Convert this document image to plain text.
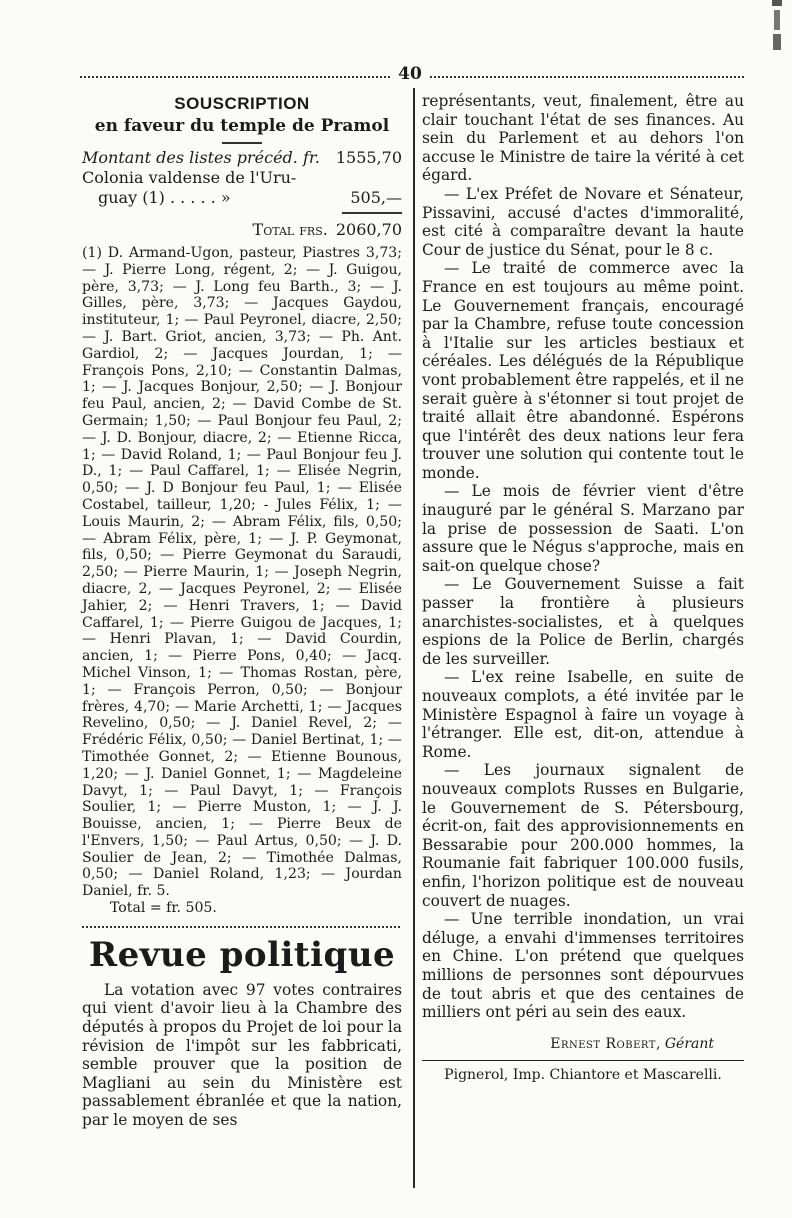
40
SOUSCRIPTION
en faveur du temple de Pramol
Montant des listes précéd. fr. 1555,70
Colonia valdense de l'Uru-
guay (1) . . . . . »	505,—
Total frs. 2060,70

(1) D. Armand-Ugon, pasteur, Piastres 3,73; — J. Pierre Long, régent, 2; — J. Guigou, père, 3,73; — J. Long feu Barth., 3; — J. Gilles, père, 3,73; — Jacques Gaydou, instituteur, 1; — Paul Peyronel, diacre, 2,50; — J. Bart. Griot, ancien, 3,73; — Ph. Ant. Gardiol, 2; — Jacques Jourdan, 1; — François Pons, 2,10; — Constantin Dalmas, 1; — J. Jacques Bonjour, 2,50; — J. Bonjour feu Paul, ancien, 2; — David Combe de St. Germain; 1,50; — Paul Bonjour feu Paul, 2; — J. D. Bonjour, diacre, 2; — Etienne Ricca, 1; — David Roland, 1; — Paul Bonjour feu J. D., 1; — Paul Caffarel, 1; — Elisée Negrin, 0,50; — J. D Bonjour feu Paul, 1; — Elisée Costabel, tailleur, 1,20; - Jules Félix, 1; — Louis Maurin, 2; — Abram Félix, fils, 0,50; — Abram Félix, père, 1; — J. P. Geymonat, fils, 0,50; — Pierre Geymonat du Saraudi, 2,50; — Pierre Maurin, 1; — Joseph Negrin, diacre, 2, — Jacques Peyronel, 2; — Elisée Jahier, 2; — Henri Travers, 1; — David Caffarel, 1; — Pierre Guigou de Jacques, 1; — Henri Plavan, 1; — David Courdin, ancien, 1; — Pierre Pons, 0,40; — Jacq. Michel Vinson, 1; — Thomas Rostan, père, 1; — François Perron, 0,50; — Bonjour frères, 4,70; — Marie Archetti, 1; — Jacques Revelino, 0,50; — J. Daniel Revel, 2; — Frédéric Félix, 0,50; — Daniel Bertinat, 1; — Timothée Gonnet, 2; — Etienne Bounous, 1,20; — J. Daniel Gonnet, 1; — Magdeleine Davyt, 1; — Paul Davyt, 1; — François Soulier, 1; — Pierre Muston, 1; — J. J. Bouisse, ancien, 1; — Pierre Beux de l'Envers, 1,50; — Paul Artus, 0,50; — J. D. Soulier de Jean, 2; — Timothée Dalmas, 0,50; — Daniel Roland, 1,23; — Jourdan Daniel, fr. 5.

Total = fr. 505.

Revue politique

La votation avec 97 votes contraires qui vient d'avoir lieu à la Chambre des députés à propos du Projet de loi pour la révision de l'impôt sur les fabbricati, semble prouver que la position de Magliani au sein du Ministère est passablement ébranlée et que la nation, par le moyen de ses

représentants, veut, finalement, être au clair touchant l'état de ses finances. Au sein du Parlement et au dehors l'on accuse le Ministre de taire la vérité à cet égard.

— L'ex Préfet de Novare et Sénateur, Pissavini, accusé d'actes d'immoralité, est cité à comparaître devant la haute Cour de justice du Sénat, pour le 8 c.

— Le traité de commerce avec la France en est toujours au même point. Le Gouvernement français, encouragé par la Chambre, refuse toute concession à l'Italie sur les articles bestiaux et céréales. Les délégués de la République vont probablement être rappelés, et il ne serait guère à s'étonner si tout projet de traité allait être abandonné. Espérons que l'intérêt des deux nations leur fera trouver une solution qui contente tout le monde.

— Le mois de février vient d'être inauguré par le général S. Marzano par la prise de possession de Saati. L'on assure que le Négus s'approche, mais en sait-on quelque chose?

— Le Gouvernement Suisse a fait passer la frontière à plusieurs anarchistes-socialistes, et à quelques espions de la Police de Berlin, chargés de les surveiller.

— L'ex reine Isabelle, en suite de nouveaux complots, a été invitée par le Ministère Espagnol à faire un voyage à l'étranger. Elle est, dit-on, attendue à Rome.

— Les journaux signalent de nouveaux complots Russes en Bulgarie, le Gouvernement de S. Pétersbourg, écrit-on, fait des approvisionnements en Bessarabie pour 200.000 hommes, la Roumanie fait fabriquer 100.000 fusils, enfin, l'horizon politique est de nouveau couvert de nuages.

— Une terrible inondation, un vrai déluge, a envahi d'immenses territoires en Chine. L'on prétend que quelques millions de personnes sont dépourvues de tout abris et que des centaines de milliers ont péri au sein des eaux.

Ernest Robert, Gérant
Pignerol, Imp. Chiantore et Mascarelli.
